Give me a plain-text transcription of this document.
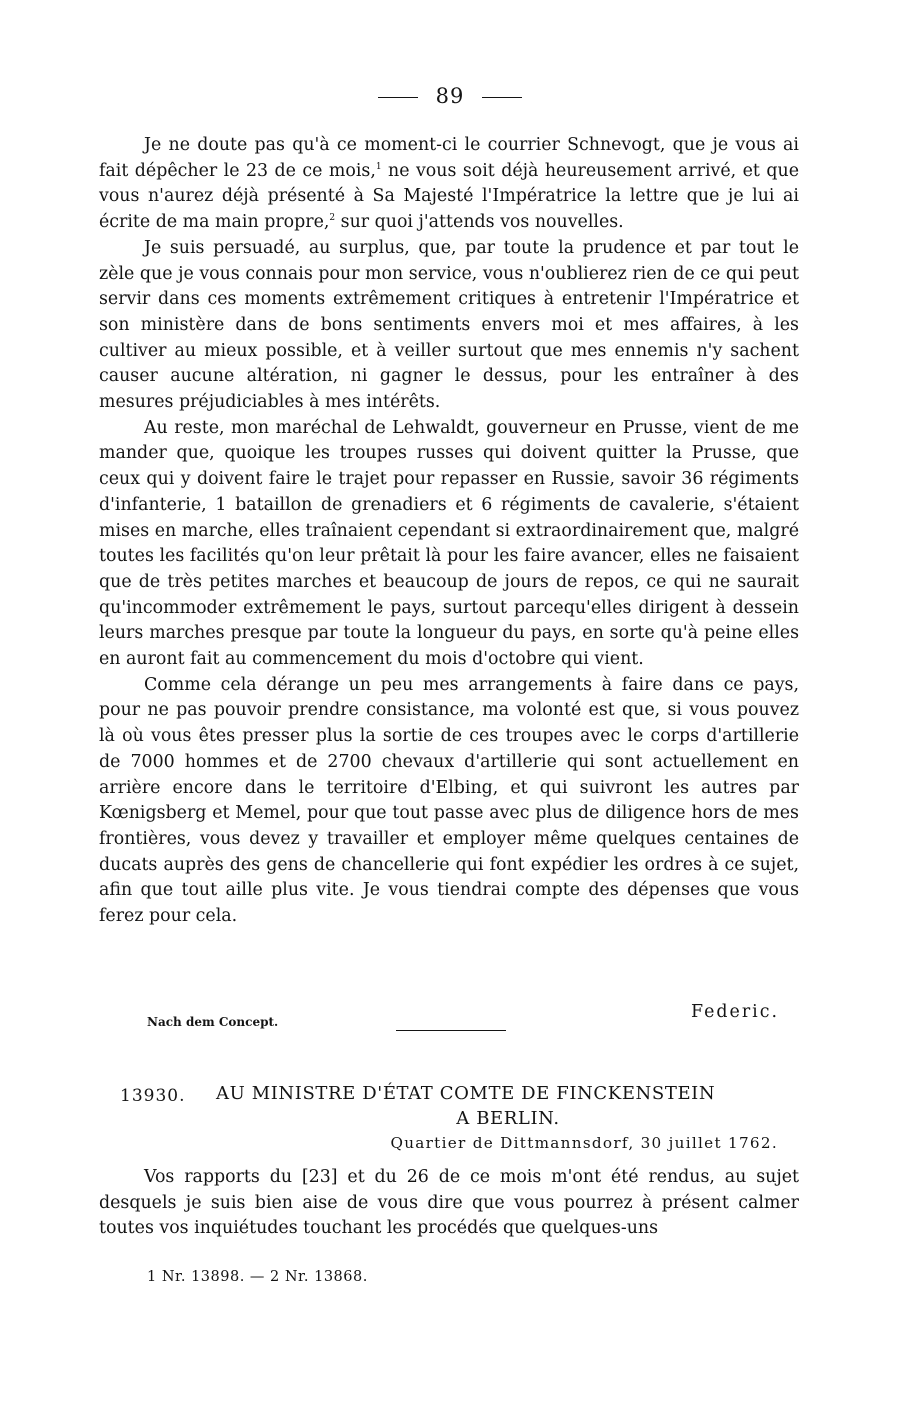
89

Je ne doute pas qu'à ce moment-ci le courrier Schnevogt, que je vous ai fait dépêcher le 23 de ce mois,$^1$ ne vous soit déjà heureusement arrivé, et que vous n'aurez déjà présenté à Sa Majesté l'Impératrice la lettre que je lui ai écrite de ma main propre,$^2$ sur quoi j'attends vos nouvelles.

Je suis persuadé, au surplus, que, par toute la prudence et par tout le zèle que je vous connais pour mon service, vous n'oublierez rien de ce qui peut servir dans ces moments extrêmement critiques à entretenir l'Impératrice et son ministère dans de bons sentiments envers moi et mes affaires, à les cultiver au mieux possible, et à veiller surtout que mes ennemis n'y sachent causer aucune altération, ni gagner le dessus, pour les entraîner à des mesures préjudiciables à mes intérêts.

Au reste, mon maréchal de Lehwaldt, gouverneur en Prusse, vient de me mander que, quoique les troupes russes qui doivent quitter la Prusse, que ceux qui y doivent faire le trajet pour repasser en Russie, savoir 36 régiments d'infanterie, 1 bataillon de grenadiers et 6 régiments de cavalerie, s'étaient mises en marche, elles traînaient cependant si extraordinairement que, malgré toutes les facilités qu'on leur prêtait là pour les faire avancer, elles ne faisaient que de très petites marches et beaucoup de jours de repos, ce qui ne saurait qu'incommoder extrêmement le pays, surtout parcequ'elles dirigent à dessein leurs marches presque par toute la longueur du pays, en sorte qu'à peine elles en auront fait au commencement du mois d'octobre qui vient.

Comme cela dérange un peu mes arrangements à faire dans ce pays, pour ne pas pouvoir prendre consistance, ma volonté est que, si vous pouvez là où vous êtes presser plus la sortie de ces troupes avec le corps d'artillerie de 7000 hommes et de 2700 chevaux d'artillerie qui sont actuellement en arrière encore dans le territoire d'Elbing, et qui suivront les autres par Kœnigsberg et Memel, pour que tout passe avec plus de diligence hors de mes frontières, vous devez y travailler et employer même quelques centaines de ducats auprès des gens de chancellerie qui font expédier les ordres à ce sujet, afin que tout aille plus vite. Je vous tiendrai compte des dépenses que vous ferez pour cela.

Nach dem Concept.	Federic.
13930. AU MINISTRE D'ÉTAT COMTE DE FINCKENSTEIN
A BERLIN.
Quartier de Dittmannsdorf, 30 juillet 1762.

Vos rapports du [23] et du 26 de ce mois m'ont été rendus, au sujet desquels je suis bien aise de vous dire que vous pourrez à présent calmer toutes vos inquiétudes touchant les procédés que quelques-uns

1 Nr. 13898. — 2 Nr. 13868.
